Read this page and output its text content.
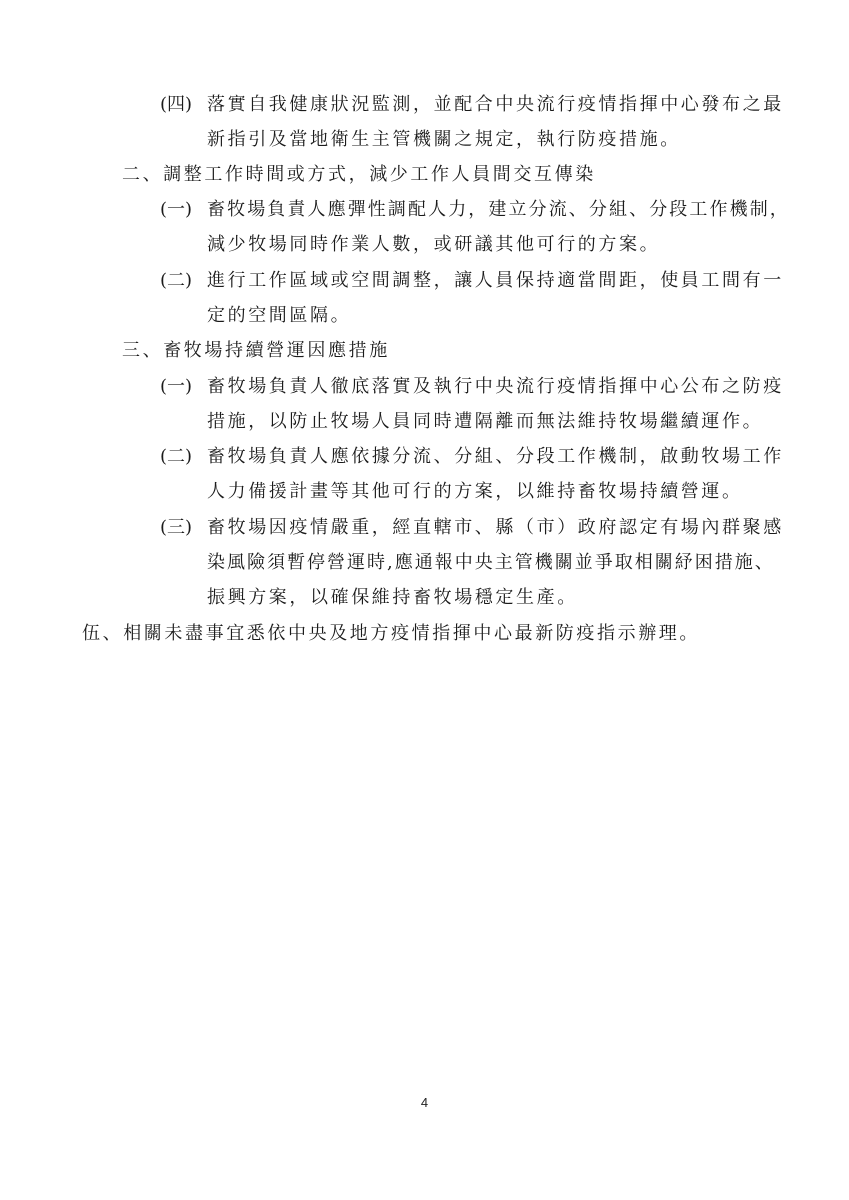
(四) 落實自我健康狀況監測，並配合中央流行疫情指揮中心發布之最
新指引及當地衛生主管機關之規定，執行防疫措施。
二、調整工作時間或方式，減少工作人員間交互傳染
(一) 畜牧場負責人應彈性調配人力，建立分流、分組、分段工作機制，
減少牧場同時作業人數，或研議其他可行的方案。
(二) 進行工作區域或空間調整，讓人員保持適當間距，使員工間有一
定的空間區隔。
三、畜牧場持續營運因應措施
(一) 畜牧場負責人徹底落實及執行中央流行疫情指揮中心公布之防疫
措施，以防止牧場人員同時遭隔離而無法維持牧場繼續運作。
(二) 畜牧場負責人應依據分流、分組、分段工作機制，啟動牧場工作
人力備援計畫等其他可行的方案，以維持畜牧場持續營運。
(三) 畜牧場因疫情嚴重，經直轄市、縣（市）政府認定有場內群聚感
染風險須暫停營運時,應通報中央主管機關並爭取相關紓困措施、
振興方案，以確保維持畜牧場穩定生產。
伍、相關未盡事宜悉依中央及地方疫情指揮中心最新防疫指示辦理。
4
